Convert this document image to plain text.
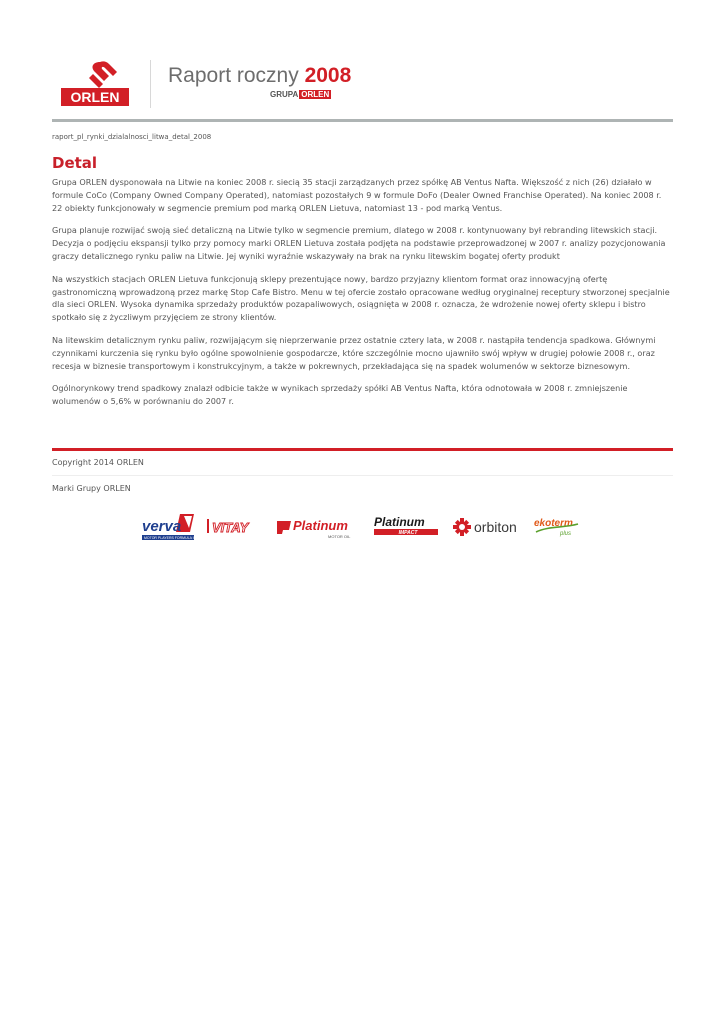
ORLEN
Raport roczny 2008
GRUPA ORLEN
raport_pl_rynki_dzialalnosci_litwa_detal_2008
Detal

Grupa ORLEN dysponowała na Litwie na koniec 2008 r. siecią 35 stacji zarządzanych przez spółkę AB Ventus Nafta. Większość z nich (26) działało w formule CoCo (Company Owned Company Operated), natomiast pozostałych 9 w formule DoFo (Dealer Owned Franchise Operated). Na koniec 2008 r. 22 obiekty funkcjonowały w segmencie premium pod marką ORLEN Lietuva, natomiast 13 - pod marką Ventus.

Grupa planuje rozwijać swoją sieć detaliczną na Litwie tylko w segmencie premium, dlatego w 2008 r. kontynuowany był rebranding litewskich stacji. Decyzja o podjęciu ekspansji tylko przy pomocy marki ORLEN Lietuva została podjęta na podstawie przeprowadzonej w 2007 r. analizy pozycjonowania graczy detalicznego rynku paliw na Litwie. Jej wyniki wyraźnie wskazywały na brak na rynku litewskim bogatej oferty produkt

Na wszystkich stacjach ORLEN Lietuva funkcjonują sklepy prezentujące nowy, bardzo przyjazny klientom format oraz innowacyjną ofertę gastronomiczną wprowadzoną przez markę Stop Cafe Bistro. Menu w tej ofercie zostało opracowane według oryginalnej receptury stworzonej specjalnie dla sieci ORLEN. Wysoka dynamika sprzedaży produktów pozapaliwowych, osiągnięta w 2008 r. oznacza, że wdrożenie nowej oferty sklepu i bistro spotkało się z życzliwym przyjęciem ze strony klientów.

Na litewskim detalicznym rynku paliw, rozwijającym się nieprzerwanie przez ostatnie cztery lata, w 2008 r. nastąpiła tendencja spadkowa. Głównymi czynnikami kurczenia się rynku było ogólne spowolnienie gospodarcze, które szczególnie mocno ujawniło swój wpływ w drugiej połowie 2008 r., oraz recesja w biznesie transportowym i konstrukcyjnym, a także w pokrewnych, przekładająca się na spadek wolumenów w sektorze biznesowym.

Ogólnorynkowy trend spadkowy znalazł odbicie także w wynikach sprzedaży spółki AB Ventus Nafta, która odnotowała w 2008 r. zmniejszenie wolumenów o 5,6% w porównaniu do 2007 r.

Copyright 2014 ORLEN
Marki Grupy ORLEN
verva
MOTOR PLAYERS FORMULA INSIDE
VITAY	Platinum
MOTOR OIL
Platinum
IMPACT	orbiton ekoterm
plus
